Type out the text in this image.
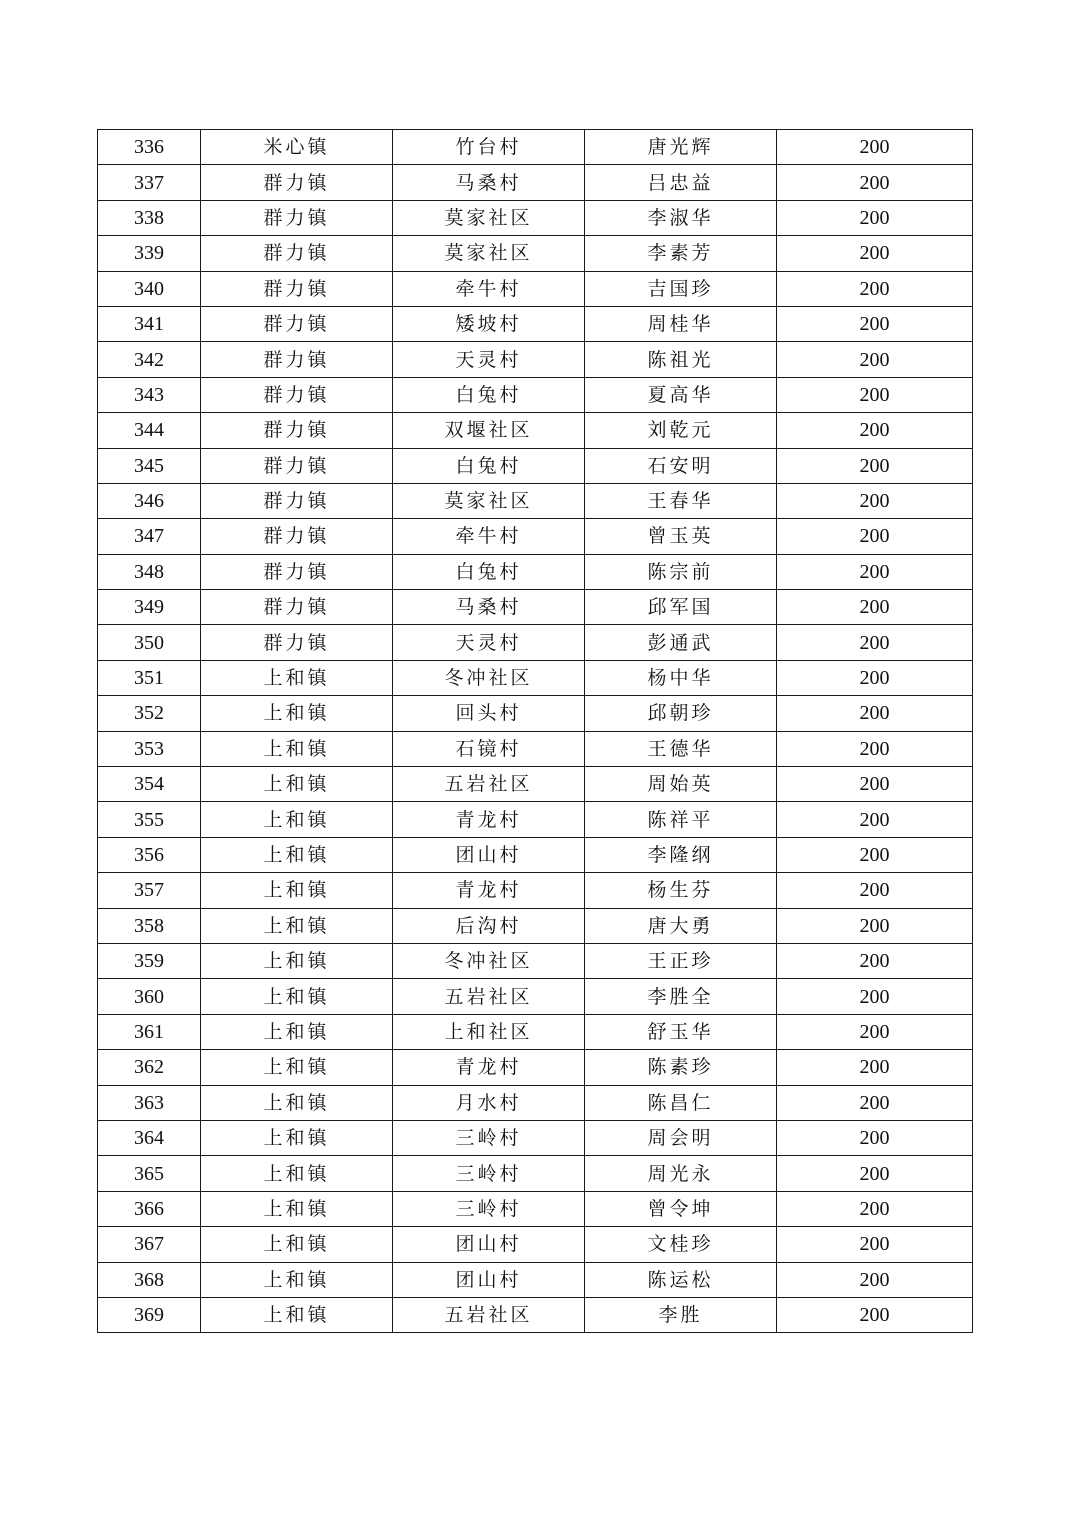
336	米心镇	竹台村	唐光辉	200
337	群力镇	马桑村	吕忠益	200
338	群力镇	莫家社区	李淑华	200
339	群力镇	莫家社区	李素芳	200
340	群力镇	牵牛村	吉国珍	200
341	群力镇	矮坡村	周桂华	200
342	群力镇	天灵村	陈祖光	200
343	群力镇	白兔村	夏高华	200
344	群力镇	双堰社区	刘乾元	200
345	群力镇	白兔村	石安明	200
346	群力镇	莫家社区	王春华	200
347	群力镇	牵牛村	曾玉英	200
348	群力镇	白兔村	陈宗前	200
349	群力镇	马桑村	邱军国	200
350	群力镇	天灵村	彭通武	200
351	上和镇	冬冲社区	杨中华	200
352	上和镇	回头村	邱朝珍	200
353	上和镇	石镜村	王德华	200
354	上和镇	五岩社区	周始英	200
355	上和镇	青龙村	陈祥平	200
356	上和镇	团山村	李隆纲	200
357	上和镇	青龙村	杨生芬	200
358	上和镇	后沟村	唐大勇	200
359	上和镇	冬冲社区	王正珍	200
360	上和镇	五岩社区	李胜全	200
361	上和镇	上和社区	舒玉华	200
362	上和镇	青龙村	陈素珍	200
363	上和镇	月水村	陈昌仁	200
364	上和镇	三岭村	周会明	200
365	上和镇	三岭村	周光永	200
366	上和镇	三岭村	曾令坤	200
367	上和镇	团山村	文桂珍	200
368	上和镇	团山村	陈运松	200
369	上和镇	五岩社区	李胜	200
